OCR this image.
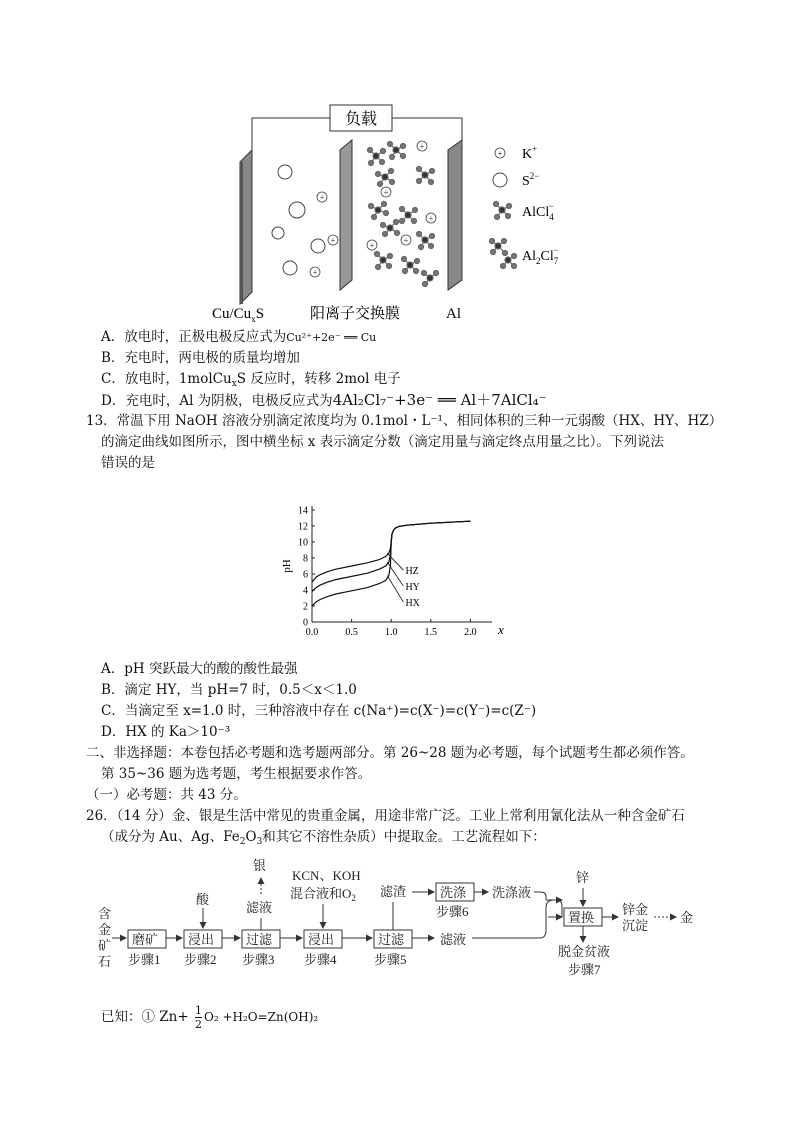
负载
+
+
+
+
+
+
+
+
+ K+
$S^{2-}$
AlCl$_4$−
$Al_2Cl_7-$
$Cu/Cu_xS$	阳离子交换膜	Al
A．放电时，正极电极反应式为Cu²⁺+2e⁻ ══ Cu
B．充电时，两电极的质量均增加
C．放电时，1molCu$_x$S 反应时，转移 2mol 电子
D．充电时，Al 为阴极，电极反应式为4Al₂Cl₇⁻+3e⁻ ══ Al＋7AlCl₄⁻
13．常温下用 NaOH 溶液分别滴定浓度均为 0.1mol・L⁻¹、相同体积的三种一元弱酸（HX、HY、HZ）
的滴定曲线如图所示，图中横坐标 x 表示滴定分数（滴定用量与滴定终点用量之比）。下列说法
错误的是
0
2
4
6
8
10
12
14
0.0	0.5	1.0	1.5	2.0
pH
x
HZ
HY
HX
A．pH 突跃最大的酸的酸性最强
B．滴定 HY，当 pH=7 时，0.5＜x＜1.0
C．当滴定至 x=1.0 时，三种溶液中存在 c(Na⁺)=c(X⁻)=c(Y⁻)=c(Z⁻)
D．HX 的 Ka＞10⁻³
二、非选择题：本卷包括必考题和选考题两部分。第 26~28 题为必考题，每个试题考生都必须作答。
第 35~36 题为选考题，考生根据要求作答。
（一）必考题：共 43 分。
26．（14 分）金、银是生活中常见的贵重金属，用途非常广泛。工业上常利用氰化法从一种含金矿石
（成分为 Au、Ag、$Fe_2O_3$和其它不溶性杂质）中提取金。工艺流程如下：
含
金
矿
石
磨矿 浸出 过滤	浸出	过滤	滤液
步骤1 步骤2 步骤3 步骤4	步骤5
酸
滤液
银
KCN、KOH
混合液和$O_2$ 滤渣	洗涤
步骤6
洗涤液
置换
锌
锌金
沉淀
金
脱金贫液
步骤7
已知：① $Zn+ \frac{1}{2} O_2 +H_2O=Zn(OH)_2$
